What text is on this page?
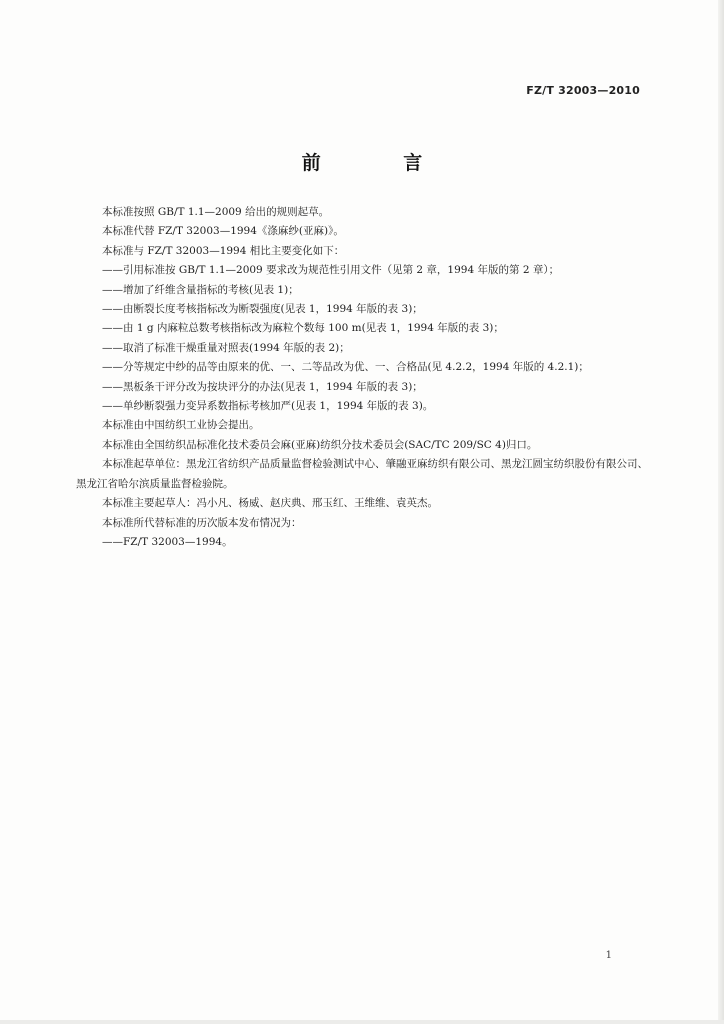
FZ/T 32003—2010
前 言

本标准按照 GB/T 1.1—2009 给出的规则起草。

本标准代替 FZ/T 32003—1994《涤麻纱(亚麻)》。

本标准与 FZ/T 32003—1994 相比主要变化如下：

——引用标准按 GB/T 1.1—2009 要求改为规范性引用文件（见第 2 章，1994 年版的第 2 章）；

——增加了纤维含量指标的考核(见表 1)；

——由断裂长度考核指标改为断裂强度(见表 1，1994 年版的表 3)；

——由 1 g 内麻粒总数考核指标改为麻粒个数每 100 m(见表 1，1994 年版的表 3)；

——取消了标准干燥重量对照表(1994 年版的表 2)；

——分等规定中纱的品等由原来的优、一、二等品改为优、一、合格品(见 4.2.2，1994 年版的 4.2.1)；

——黑板条干评分改为按块评分的办法(见表 1，1994 年版的表 3)；

——单纱断裂强力变异系数指标考核加严(见表 1，1994 年版的表 3)。

本标准由中国纺织工业协会提出。

本标准由全国纺织品标准化技术委员会麻(亚麻)纺织分技术委员会(SAC/TC 209/SC 4)归口。

本标准起草单位：黑龙江省纺织产品质量监督检验测试中心、肇融亚麻纺织有限公司、黑龙江圆宝纺织股份有限公司、黑龙江省哈尔滨质量监督检验院。

本标准主要起草人：冯小凡、杨威、赵庆典、邢玉红、王维维、袁英杰。

本标准所代替标准的历次版本发布情况为：

——FZ/T 32003—1994。

1
